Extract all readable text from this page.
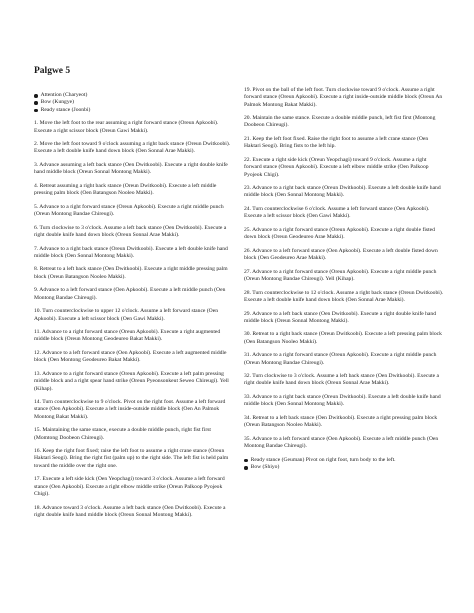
Palgwe 5
Attention (Charyeot)
Bow (Kungye)
Ready stance (Joonbi)

1. Move the left foot to the rear assuming a right forward stance (Oreun Apkoobi). Execute a right scissor block (Oreun Gawi Makki).

2. Move the left foot toward 9 o'clock assuming a right back stance (Oreun Dwitkoobi). Execute a left double knife hand down block (Oen Sonnal Arae Makki).

3. Advance assuming a left back stance (Oen Dwitkoobi). Execute a right double knife hand middle block (Oreun Sonnal Montong Makki).

4. Retreat assuming a right back stance (Oreun Dwitkoobi). Execute a left middle pressing palm block (Oen Batangson Nooleo Makki).

5. Advance to a right forward stance (Oreun Apkoobi). Execute a right middle punch (Oreun Montong Bandae Chireugi).

6. Turn clockwise to 3 o'clock. Assume a left back stance (Oen Dwitkoobi). Execute a right double knife hand down block (Oreun Sonnal Arae Makki).

7. Advance to a right back stance (Oreun Dwitkoobi). Execute a left double knife hand middle block (Oen Sonnal Montong Makki).

8. Retreat to a left back stance (Oen Dwitkoobi). Execute a right middle pressing palm block (Oreun Batangson Nooleo Makki).

9. Advance to a left forward stance (Oen Apkoobi). Execute a left middle punch (Oen Montong Bandae Chireugi).

10. Turn counterclockwise to upper 12 o'clock. Assume a left forward stance (Oen Apkoobi). Execute a left scissor block (Oen Gawi Makki).

11. Advance to a right forward stance (Oreun Apkoobi). Execute a right augmented middle block (Oreun Montong Geodeureo Bakat Makki).

12. Advance to a left forward stance (Oen Apkoobi). Execute a left augmented middle block (Oen Montong Geodeureo Bakat Makki).

13. Advance to a right forward stance (Oreun Apkoobi). Execute a left palm pressing middle block and a right spear hand strike (Oreun Pyeonsonkeut Seweo Chireugi). Yell (Kihap).

14. Turn counterclockwise to 9 o'clock. Pivot on the right foot. Assume a left forward stance (Oen Apkoobi). Execute a left inside-outside middle block (Oen An Palmok Montong Bakat Makki).

15. Maintaining the same stance, execute a double middle punch, right fist first (Momtong Doobeon Chireugi).

16. Keep the right foot fixed; raise the left foot to assume a right crane stance (Oreun Haktari Seogi). Bring the right fist (palm up) to the right side. The left fist is held palm toward the middle over the right one.

17. Execute a left side kick (Oen Yeopchagi) toward 3 o'clock. Assume a left forward stance (Oen Apkoobi). Execute a right elbow middle strike (Oreun Palkoop Pyojeok Chigi).

18. Advance toward 3 o'clock. Assume a left back stance (Oen Dwitkoobi). Execute a right double knife hand middle block (Oreun Sonnal Montong Makki).

19. Pivot on the ball of the left foot. Turn clockwise toward 9 o'clock. Assume a right forward stance (Oreun Apkoobi). Execute a right inside-outside middle block (Oreun An Palmok Montong Bakat Makki).

20. Maintain the same stance. Execute a double middle punch, left fist first (Montong Doobeon Chireugi).

21. Keep the left foot fixed. Raise the right foot to assume a left crane stance (Oen Haktari Seogi). Bring fists to the left hip.

22. Execute a right side kick (Oreun Yeopchagi) toward 9 o'clock. Assume a right forward stance (Oreun Apkoobi). Execute a left elbow middle strike (Oen Palkoop Pyojeok Chigi).

23. Advance to a right back stance (Oreun Dwitkoobi). Execute a left double knife hand middle block (Oen Sonnal Montong Makki).

24. Turn counterclockwise 6 o'clock. Assume a left forward stance (Oen Apkoobi). Execute a left scissor block (Oen Gawi Makki).

25. Advance to a right forward stance (Oreun Apkoobi). Execute a right double fisted down block (Oreun Geodeureo Arae Makki).

26. Advance to a left forward stance (Oen Apkoobi). Execute a left double fisted down block (Oen Geodeureo Arae Makki).

27. Advance to a right forward stance (Oreun Apkoobi). Execute a right middle punch (Oreun Montong Bandae Chireugi). Yell (Kihap).

28. Turn counterclockwise to 12 o'clock. Assume a right back stance (Oreun Dwitkoobi). Execute a left double knife hand down block (Oen Sonnal Arae Makki).

29. Advance to a left back stance (Oen Dwitkoobi). Execute a right double knife hand middle block (Oreun Sonnal Montong Makki).

30. Retreat to a right back stance (Oreun Dwitkoobi). Execute a left pressing palm block (Oen Batangson Nooleo Makki).

31. Advance to a right forward stance (Oreun Apkoobi). Execute a right middle punch (Oreun Montong Bandae Chireugi).

32. Turn clockwise to 3 o'clock. Assume a left back stance (Oen Dwitkoobi). Execute a right double knife hand down block (Oreun Sonnal Arae Makki).

33. Advance to a right back stance (Oreun Dwitkoobi). Execute a left double knife hand middle block (Oen Sonnal Montong Makki).

34. Retreat to a left back stance (Oen Dwitkoobi). Execute a right pressing palm block (Oreun Batangson Nooleo Makki).

35. Advance to a left forward stance (Oen Apkoobi). Execute a left middle punch (Oen Montong Bandae Chireugi).

Ready stance (Geuman) Pivot on right foot, turn body to the left.
Bow (Shiyo)
